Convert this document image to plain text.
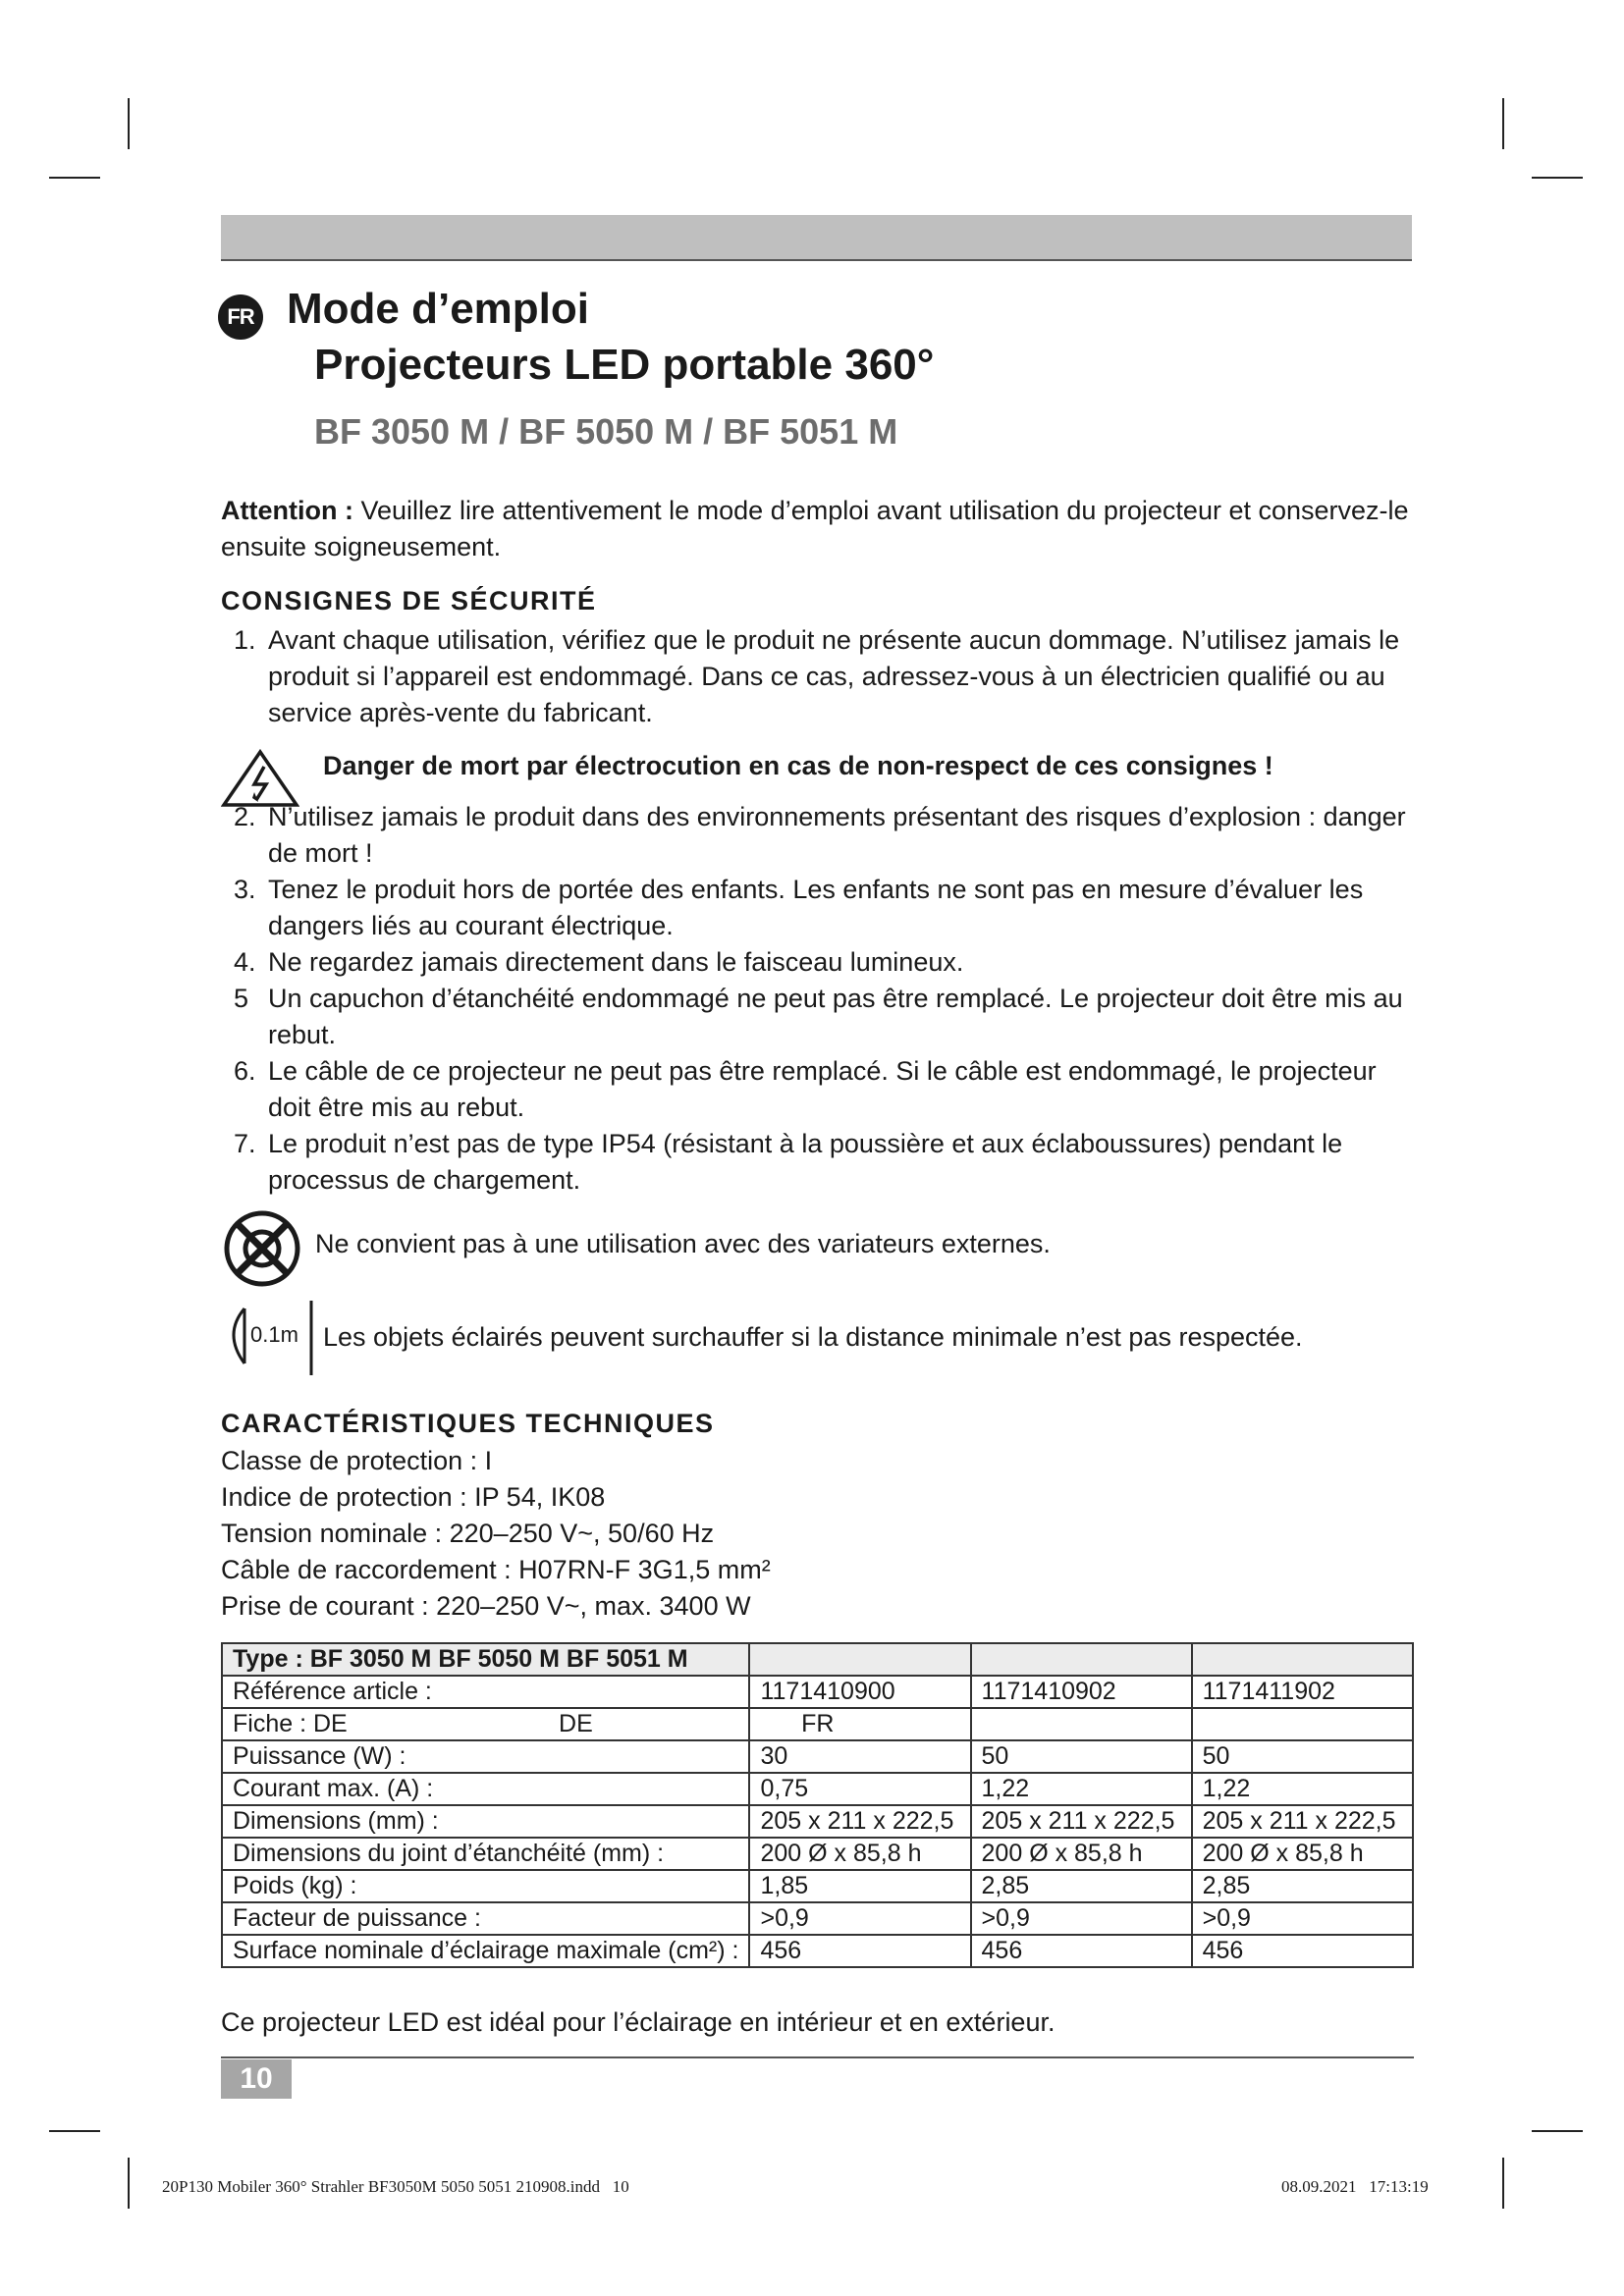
FR Mode d’emploi
Projecteurs LED portable 360°
BF 3050 M / BF 5050 M / BF 5051 M
Attention : Veuillez lire attentivement le mode d’emploi avant utilisation du projecteur et conservez-le ensuite soigneusement.
CONSIGNES DE SÉCURITÉ
1. Avant chaque utilisation, vérifiez que le produit ne présente aucun dommage. N’utilisez jamais le produit si l’appareil est endommagé. Dans ce cas, adressez-vous à un électricien qualifié ou au service après-vente du fabricant.
Danger de mort par électrocution en cas de non-respect de ces consignes !
2. N’utilisez jamais le produit dans des environnements présentant des risques d’explosion : danger de mort !
3. Tenez le produit hors de portée des enfants. Les enfants ne sont pas en mesure d’évaluer les dangers liés au courant électrique.
4. Ne regardez jamais directement dans le faisceau lumineux.
5 Un capuchon d’étanchéité endommagé ne peut pas être remplacé. Le projecteur doit être mis au rebut.
6. Le câble de ce projecteur ne peut pas être remplacé. Si le câble est endommagé, le projecteur doit être mis au rebut.
7. Le produit n’est pas de type IP54 (résistant à la poussière et aux éclaboussures) pendant le processus de chargement.
Ne convient pas à une utilisation avec des variateurs externes.
0.1m Les objets éclairés peuvent surchauffer si la distance minimale n’est pas respectée.
CARACTÉRISTIQUES TECHNIQUES
Classe de protection : I
Indice de protection : IP 54, IK08
Tension nominale : 220–250 V~, 50/60 Hz
Câble de raccordement : H07RN-F 3G1,5 mm²
Prise de courant : 220–250 V~, max. 3400 W
Type : BF 3050 M BF 5050 M BF 5051 M			
Référence article :	1171410900	1171410902	1171411902
Fiche : DE                               DE	FR		
Puissance (W) :	30	50	50
Courant max. (A) :	0,75	1,22	1,22
Dimensions (mm) :	205 x 211 x 222,5	205 x 211 x 222,5	205 x 211 x 222,5
Dimensions du joint d’étanchéité (mm) :	200 Ø x 85,8 h	200 Ø x 85,8 h	200 Ø x 85,8 h
Poids (kg) :	1,85	2,85	2,85
Facteur de puissance :	>0,9	>0,9	>0,9
Surface nominale d’éclairage maximale (cm²) :	456	456	456
Ce projecteur LED est idéal pour l’éclairage en intérieur et en extérieur.
10
20P130 Mobiler 360° Strahler BF3050M 5050 5051 210908.indd   10	08.09.2021   17:13:19
